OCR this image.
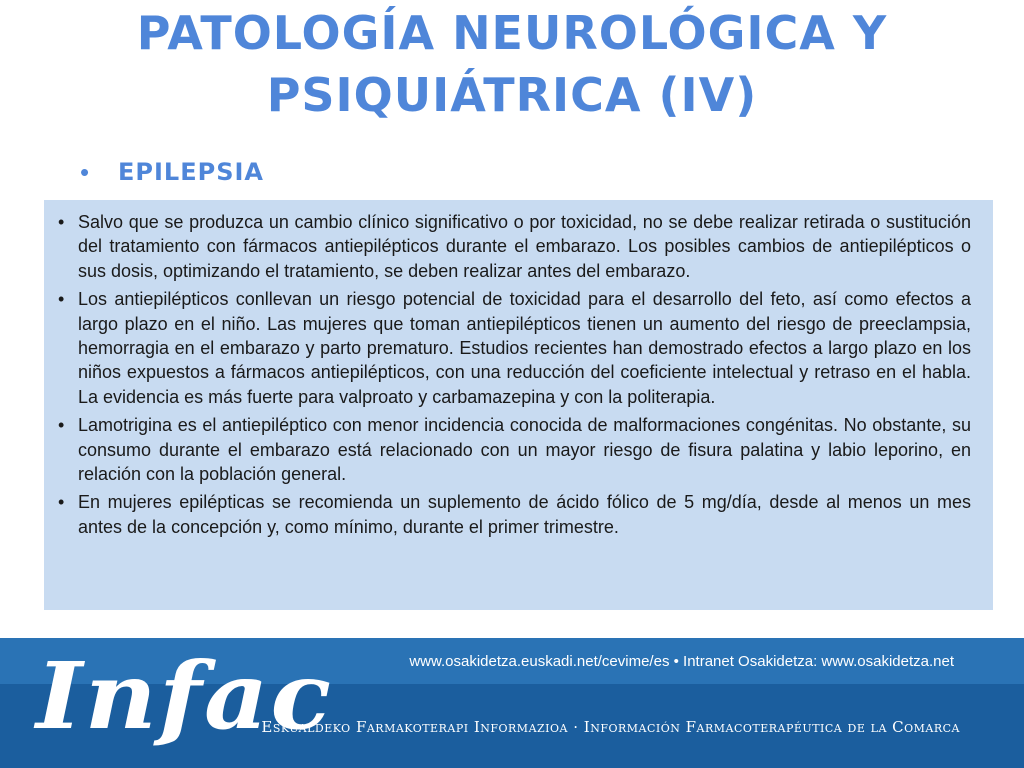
PATOLOGÍA NEUROLÓGICA Y PSIQUIÁTRICA (IV)
•	EPILEPSIA
• Salvo que se produzca un cambio clínico significativo o por toxicidad, no se debe realizar retirada o sustitución del tratamiento con fármacos antiepilépticos durante el embarazo. Los posibles cambios de antiepilépticos o sus dosis, optimizando el tratamiento, se deben realizar antes del embarazo.
• Los antiepilépticos conllevan un riesgo potencial de toxicidad para el desarrollo del feto, así como efectos a largo plazo en el niño. Las mujeres que toman antiepilépticos tienen un aumento del riesgo de preeclampsia, hemorragia en el embarazo y parto prematuro. Estudios recientes han demostrado efectos a largo plazo en los niños expuestos a fármacos antiepilépticos, con una reducción del coeficiente intelectual y retraso en el habla. La evidencia es más fuerte para valproato y carbamazepina y con la politerapia.
• Lamotrigina es el antiepiléptico con menor incidencia conocida de malformaciones congénitas. No obstante, su consumo durante el embarazo está relacionado con un mayor riesgo de fisura palatina y labio leporino, en relación con la población general.
• En mujeres epilépticas se recomienda un suplemento de ácido fólico de 5 mg/día, desde al menos un mes antes de la concepción y, como mínimo, durante el primer trimestre.
www.osakidetza.euskadi.net/cevime/es • Intranet Osakidetza: www.osakidetza.net
Infac
Eskualdeko Farmakoterapi Informazioa · Información Farmacoterapéutica de la Comarca
